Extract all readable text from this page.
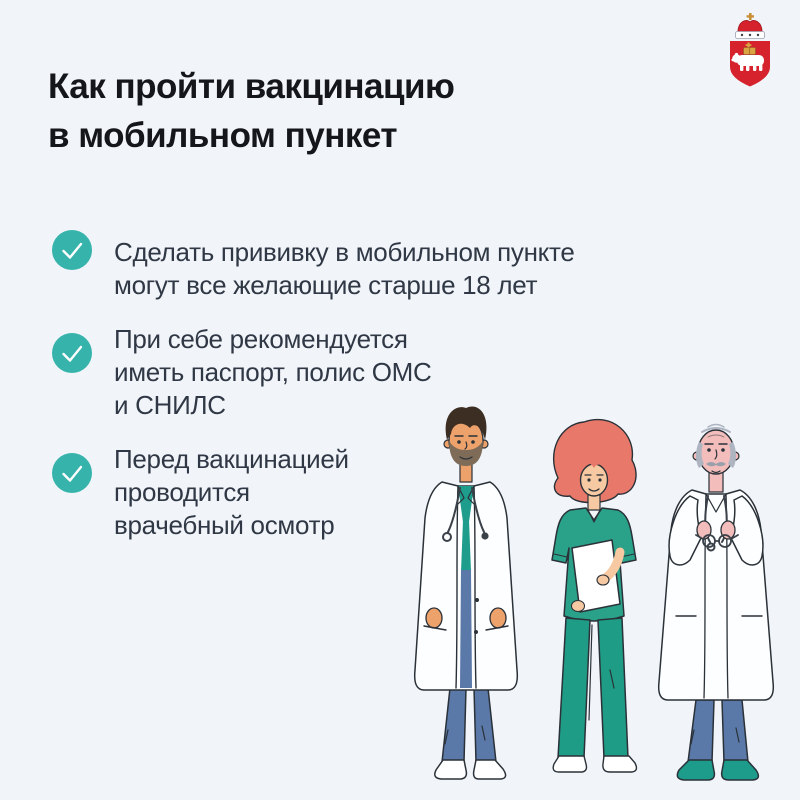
Как пройти вакцинацию
в мобильном пункет
Сделать прививку в мобильном пункте
могут все желающие старше 18 лет
При себе рекомендуется
иметь паспорт, полис ОМС
и СНИЛС
Перед вакцинацией
проводится
врачебный осмотр
